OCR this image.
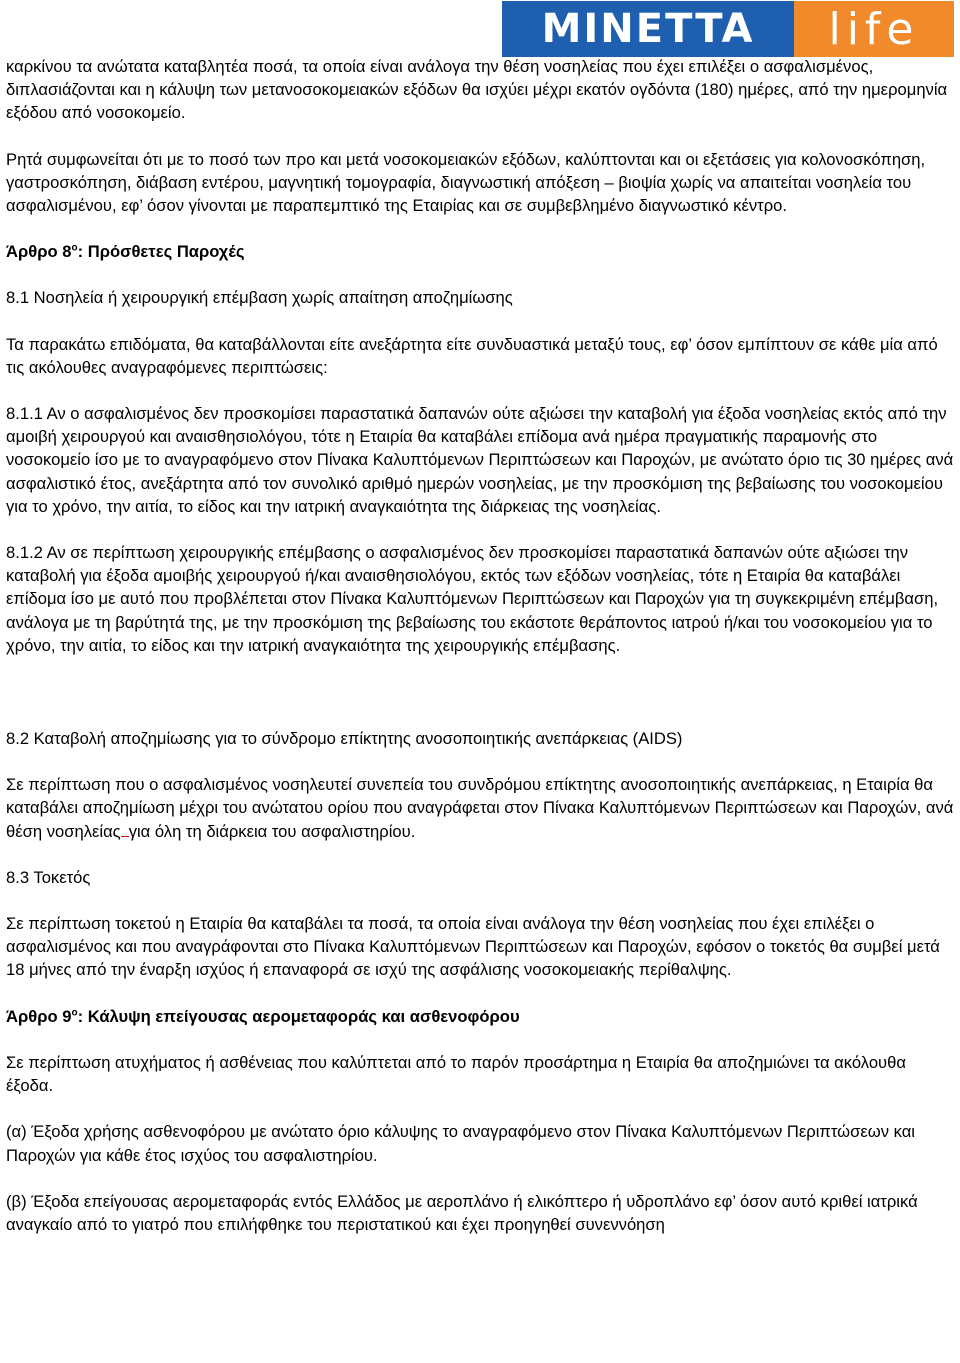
MINETTA	life

καρκίνου τα ανώτατα καταβλητέα ποσά, τα οποία είναι ανάλογα την θέση νοσηλείας που έχει επιλέξει ο ασφαλισμένος, διπλασιάζονται και η κάλυψη των μετανοσοκομειακών εξόδων θα ισχύει μέχρι εκατόν ογδόντα (180) ημέρες, από την ημερομηνία εξόδου από νοσοκομείο.

Ρητά συμφωνείται ότι με το ποσό των προ και μετά νοσοκομειακών εξόδων, καλύπτονται και οι εξετάσεις για κολονοσκόπηση, γαστροσκόπηση, διάβαση εντέρου, μαγνητική τομογραφία, διαγνωστική απόξεση – βιοψία χωρίς να απαιτείται νοσηλεία του ασφαλισμένου, εφ’ όσον γίνονται με παραπεμπτικό της Εταιρίας και σε συμβεβλημένο διαγνωστικό κέντρο.

Άρθρο $8^o$: Πρόσθετες Παροχές

8.1 Νοσηλεία ή χειρουργική επέμβαση χωρίς απαίτηση αποζημίωσης

Τα παρακάτω επιδόματα, θα καταβάλλονται είτε ανεξάρτητα είτε συνδυαστικά μεταξύ τους, εφ’ όσον εμπίπτουν σε κάθε μία από τις ακόλουθες αναγραφόμενες περιπτώσεις:

8.1.1 Αν ο ασφαλισμένος δεν προσκομίσει παραστατικά δαπανών ούτε αξιώσει την καταβολή για έξοδα νοσηλείας εκτός από την αμοιβή χειρουργού και αναισθησιολόγου, τότε η Εταιρία θα καταβάλει επίδομα ανά ημέρα πραγματικής παραμονής στο νοσοκομείο ίσο με το αναγραφόμενο στον Πίνακα Καλυπτόμενων Περιπτώσεων και Παροχών, με ανώτατο όριο τις 30 ημέρες ανά ασφαλιστικό έτος, ανεξάρτητα από τον συνολικό αριθμό ημερών νοσηλείας, με την προσκόμιση της βεβαίωσης του νοσοκομείου για το χρόνο, την αιτία, το είδος και την ιατρική αναγκαιότητα της διάρκειας της νοσηλείας.

8.1.2 Αν σε περίπτωση χειρουργικής επέμβασης ο ασφαλισμένος δεν προσκομίσει παραστατικά δαπανών ούτε αξιώσει την καταβολή για έξοδα αμοιβής χειρουργού ή/και αναισθησιολόγου, εκτός των εξόδων νοσηλείας, τότε η Εταιρία θα καταβάλει επίδομα ίσο με αυτό που προβλέπεται στον Πίνακα Καλυπτόμενων Περιπτώσεων και Παροχών για τη συγκεκριμένη επέμβαση, ανάλογα με τη βαρύτητά της, με την προσκόμιση της βεβαίωσης του εκάστοτε θεράποντος ιατρού ή/και του νοσοκομείου για το χρόνο, την αιτία, το είδος και την ιατρική αναγκαιότητα της χειρουργικής επέμβασης.

8.2 Καταβολή αποζημίωσης για το σύνδρομο επίκτητης ανοσοποιητικής ανεπάρκειας (AIDS)

Σε περίπτωση που ο ασφαλισμένος νοσηλευτεί συνεπεία του συνδρόμου επίκτητης ανοσοποιητικής ανεπάρκειας, η Εταιρία θα καταβάλει αποζημίωση μέχρι του ανώτατου ορίου που αναγράφεται στον Πίνακα Καλυπτόμενων Περιπτώσεων και Παροχών, ανά θέση νοσηλείας για όλη τη διάρκεια του ασφαλιστηρίου.

8.3 Τοκετός

Σε περίπτωση τοκετού η Εταιρία θα καταβάλει τα ποσά, τα οποία είναι ανάλογα την θέση νοσηλείας που έχει επιλέξει ο ασφαλισμένος και που αναγράφονται στο Πίνακα Καλυπτόμενων Περιπτώσεων και Παροχών, εφόσον ο τοκετός θα συμβεί μετά 18 μήνες από την έναρξη ισχύος ή επαναφορά σε ισχύ της ασφάλισης νοσοκομειακής περίθαλψης.

Άρθρο $9^o$: Κάλυψη επείγουσας αερομεταφοράς και ασθενοφόρου

Σε περίπτωση ατυχήματος ή ασθένειας που καλύπτεται από το παρόν προσάρτημα η Εταιρία θα αποζημιώνει τα ακόλουθα έξοδα.

(α) Έξοδα χρήσης ασθενοφόρου με ανώτατο όριο κάλυψης το αναγραφόμενο στον Πίνακα Καλυπτόμενων Περιπτώσεων και Παροχών για κάθε έτος ισχύος του ασφαλιστηρίου.

(β) Έξοδα επείγουσας αερομεταφοράς εντός Ελλάδος με αεροπλάνο ή ελικόπτερο ή υδροπλάνο εφ’ όσον αυτό κριθεί ιατρικά αναγκαίο από το γιατρό που επιλήφθηκε του περιστατικού και έχει προηγηθεί συνεννόηση
